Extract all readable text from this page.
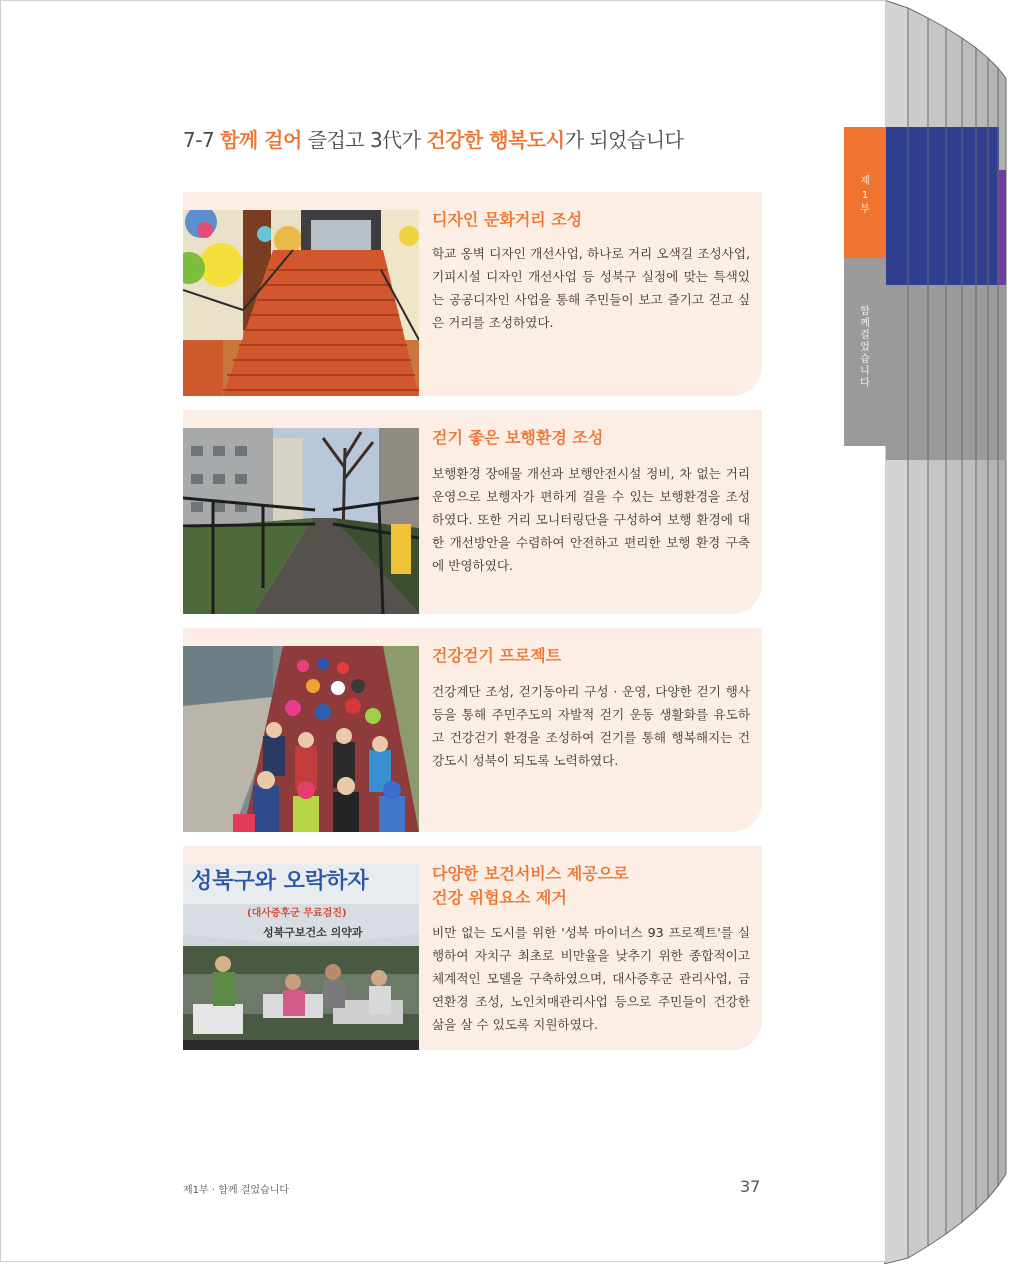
7-7 함께 걸어 즐겁고 3代가 건강한 행복도시가 되었습니다
디자인 문화거리 조성
학교 옹벽 디자인 개선사업, 하나로 거리 오색길 조성사업, 기피시설 디자인 개선사업 등 성북구 실정에 맞는 특색있는 공공디자인 사업을 통해 주민들이 보고 즐기고 걷고 싶은 거리를 조성하였다.
걷기 좋은 보행환경 조성
보행환경 장애물 개선과 보행안전시설 정비, 차 없는 거리 운영으로 보행자가 편하게 걸을 수 있는 보행환경을 조성하였다. 또한 거리 모니터링단을 구성하여 보행 환경에 대한 개선방안을 수렴하여 안전하고 편리한 보행 환경 구축에 반영하였다.
건강걷기 프로젝트
건강계단 조성, 걷기동아리 구성 · 운영, 다양한 걷기 행사 등을 통해 주민주도의 자발적 걷기 운동 생활화를 유도하고 건강걷기 환경을 조성하여 걷기를 통해 행복해지는 건강도시 성북이 되도록 노력하였다.
성북구와 오락하자
(대사증후군 무료검진)
성북구보건소 의약과
다양한 보건서비스 제공으로
건강 위험요소 제거
비만 없는 도시를 위한 '성북 마이너스 93 프로젝트'를 실행하여 자치구 최초로 비만율을 낮추기 위한 종합적이고 체계적인 모델을 구축하였으며, 대사증후군 관리사업, 금연환경 조성, 노인치매관리사업 등으로 주민들이 건강한 삶을 살 수 있도록 지원하였다.
제1부
함께걸었습니다
제1부 · 함께 걸었습니다	37
